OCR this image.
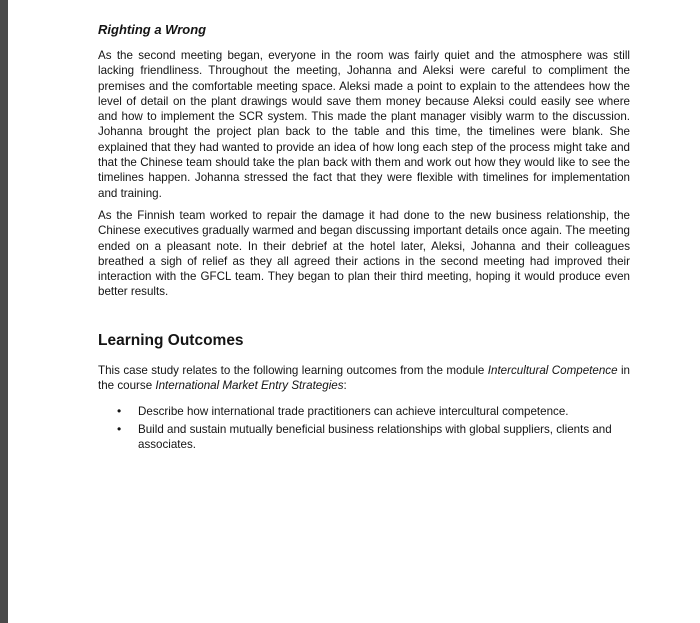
Righting a Wrong

As the second meeting began, everyone in the room was fairly quiet and the atmosphere was still lacking friendliness. Throughout the meeting, Johanna and Aleksi were careful to compliment the premises and the comfortable meeting space. Aleksi made a point to explain to the attendees how the level of detail on the plant drawings would save them money because Aleksi could easily see where and how to implement the SCR system. This made the plant manager visibly warm to the discussion. Johanna brought the project plan back to the table and this time, the timelines were blank. She explained that they had wanted to provide an idea of how long each step of the process might take and that the Chinese team should take the plan back with them and work out how they would like to see the timelines happen. Johanna stressed the fact that they were flexible with timelines for implementation and training.

As the Finnish team worked to repair the damage it had done to the new business relationship, the Chinese executives gradually warmed and began discussing important details once again. The meeting ended on a pleasant note. In their debrief at the hotel later, Aleksi, Johanna and their colleagues breathed a sigh of relief as they all agreed their actions in the second meeting had improved their interaction with the GFCL team. They began to plan their third meeting, hoping it would produce even better results.

Learning Outcomes

This case study relates to the following learning outcomes from the module Intercultural Competence in the course International Market Entry Strategies:

• Describe how international trade practitioners can achieve intercultural competence.
• Build and sustain mutually beneficial business relationships with global suppliers, clients and associates.
